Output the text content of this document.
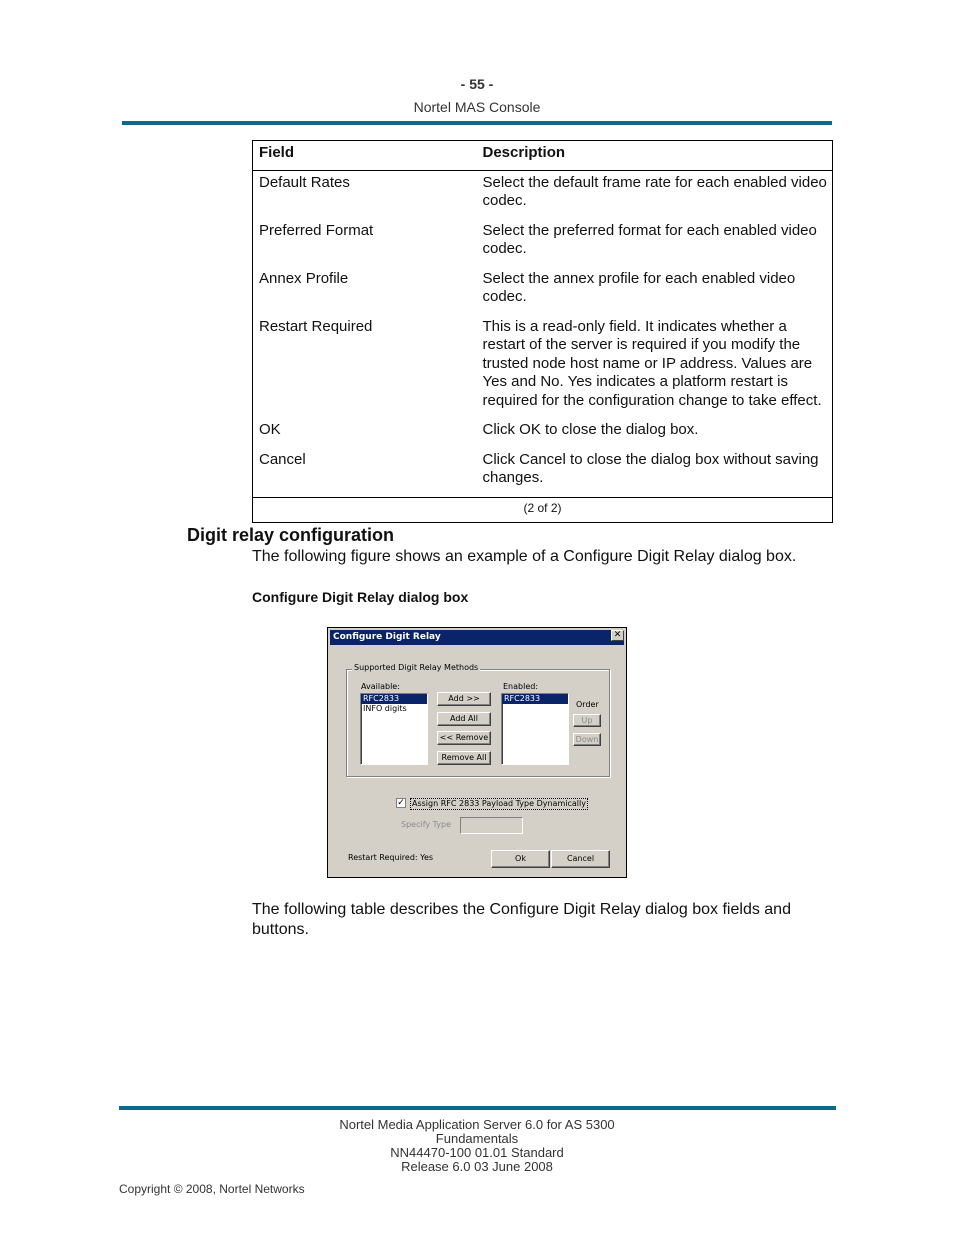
- 55 -
Nortel MAS Console
Field	Description
Default Rates	Select the default frame rate for each enabled video codec.
Preferred Format	Select the preferred format for each enabled video codec.
Annex Profile	Select the annex profile for each enabled video codec.
Restart Required	This is a read-only field. It indicates whether a restart of the server is required if you modify the trusted node host name or IP address. Values are Yes and No. Yes indicates a platform restart is required for the configuration change to take effect.
OK	Click OK to close the dialog box.
Cancel	Click Cancel to close the dialog box without saving changes.
(2 of 2)	
Digit relay configuration
The following figure shows an example of a Configure Digit Relay dialog box.
Configure Digit Relay dialog box
Configure Digit Relay	✕
Supported Digit Relay Methods
Available:
RFC2833
INFO digits
Add >>
Add All
<< Remove
Remove All
Enabled:
RFC2833
Order
Up
Down
✓ Assign RFC 2833 Payload Type Dynamically
Specify Type
Restart Required: Yes	Ok	Cancel
The following table describes the Configure Digit Relay dialog box fields and buttons.
Nortel Media Application Server 6.0 for AS 5300
Fundamentals
NN44470-100 01.01 Standard
Release 6.0 03 June 2008
Copyright © 2008, Nortel Networks
